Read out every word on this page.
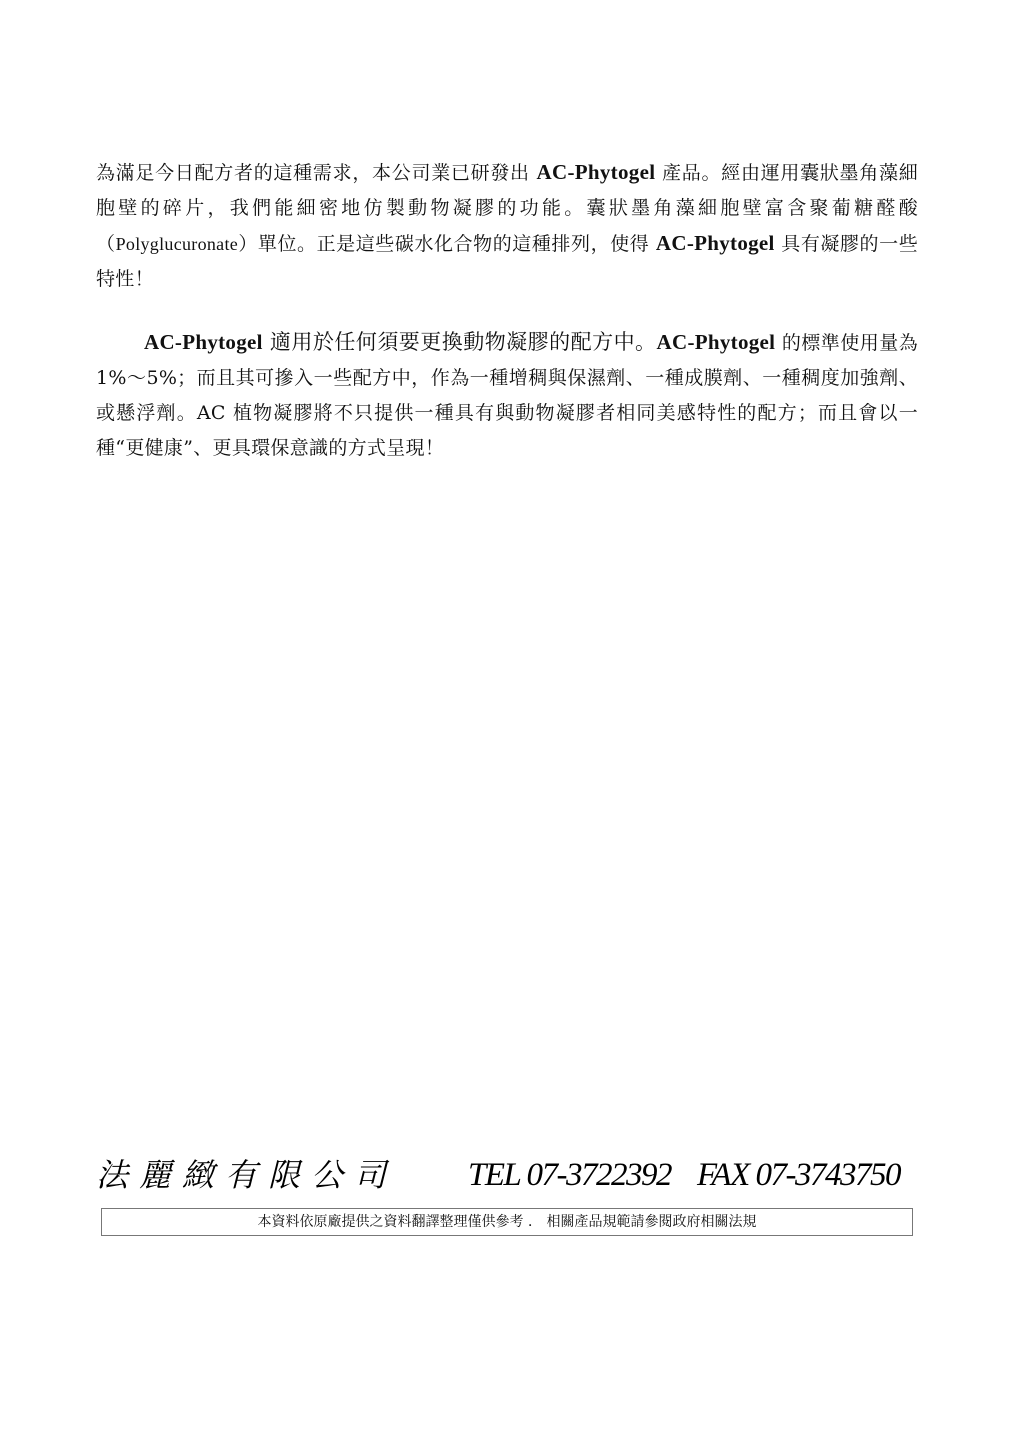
為滿足今日配方者的這種需求，本公司業已研發出 AC-Phytogel 產品。經由運用囊狀墨角藻細胞壁的碎片，我們能細密地仿製動物凝膠的功能。囊狀墨角藻細胞壁富含聚葡糖醛酸（Polyglucuronate）單位。正是這些碳水化合物的這種排列，使得 AC-Phytogel 具有凝膠的一些特性！

AC-Phytogel 適用於任何須要更換動物凝膠的配方中。AC-Phytogel 的標準使用量為 1%～5%；而且其可摻入一些配方中，作為一種增稠與保濕劑、一種成膜劑、一種稠度加強劑、或懸浮劑。AC 植物凝膠將不只提供一種具有與動物凝膠者相同美感特性的配方；而且會以一種“更健康”、更具環保意識的方式呈現！

法麗緻有限公司 TEL 07-3722392 FAX 07-3743750
本資料依原廠提供之資料翻譯整理僅供參考 ． 相關產品規範請參閱政府相關法規
